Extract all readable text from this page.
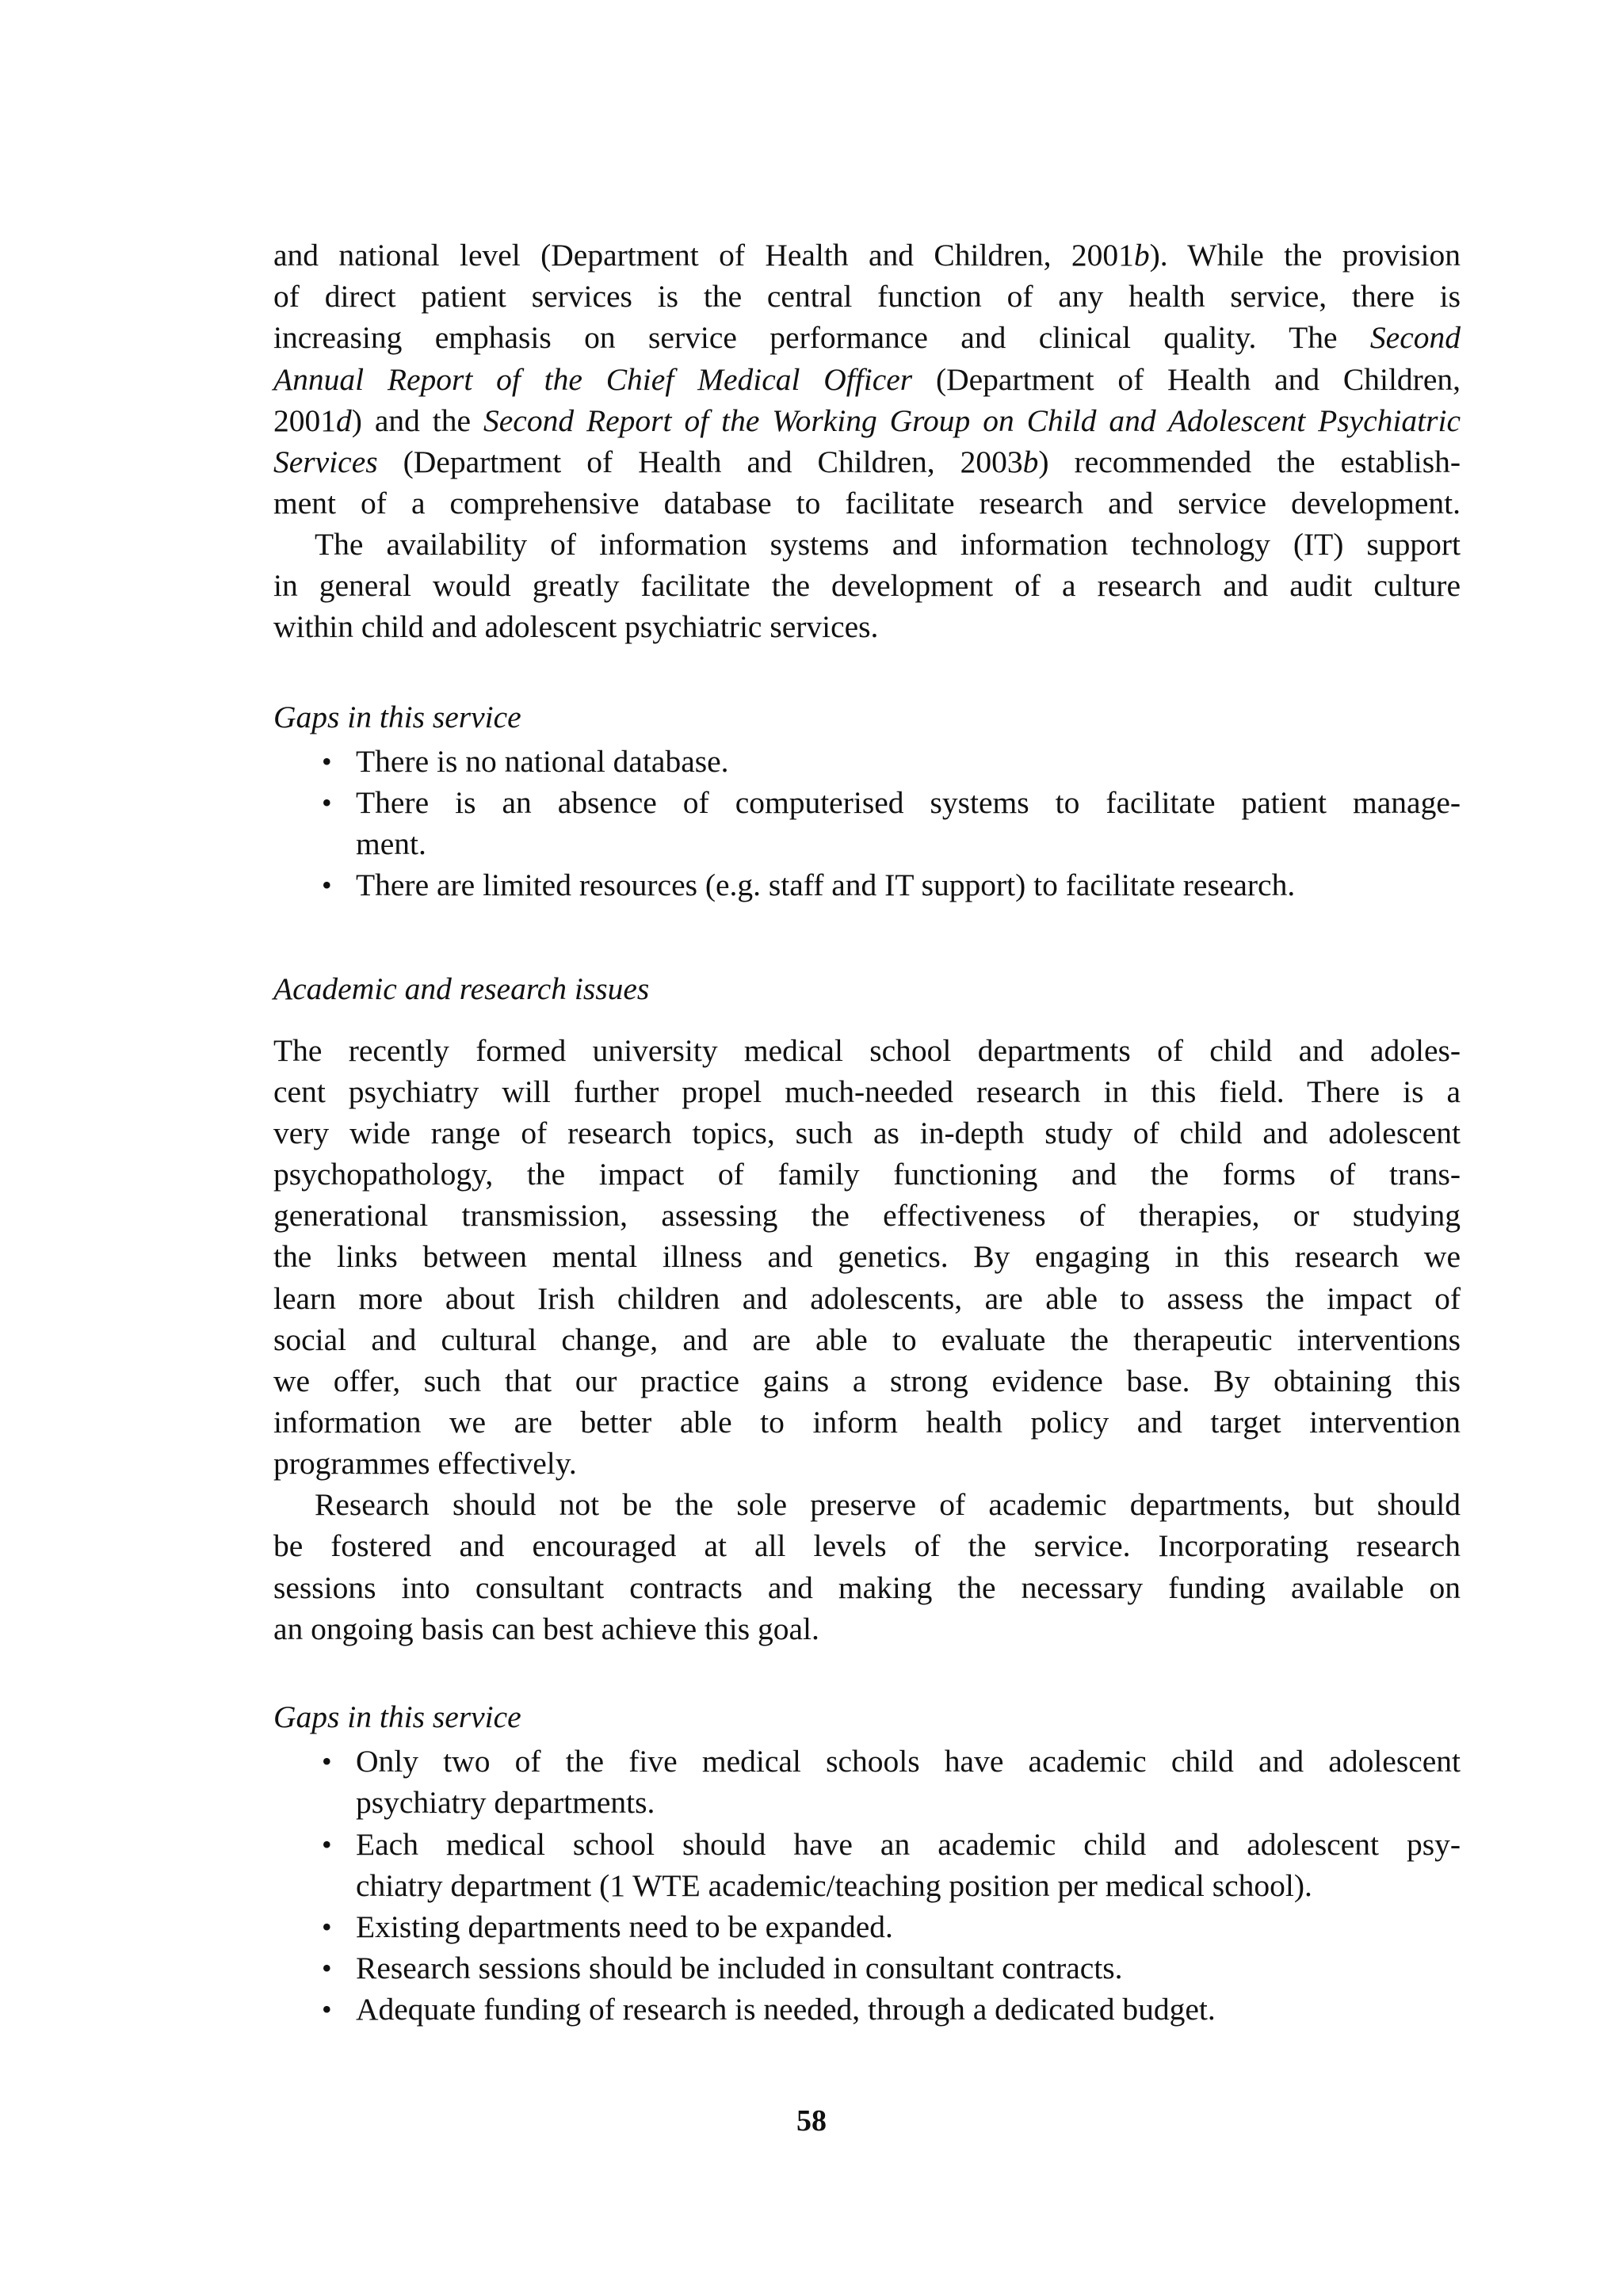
and national level (Department of Health and Children, 2001b). While the provision
of direct patient services is the central function of any health service, there is
increasing emphasis on service performance and clinical quality. The Second
Annual Report of the Chief Medical Officer (Department of Health and Children,
2001d) and the Second Report of the Working Group on Child and Adolescent Psychiatric
Services (Department of Health and Children, 2003b) recommended the establish-
ment of a comprehensive database to facilitate research and service development.
The availability of information systems and information technology (IT) support
in general would greatly facilitate the development of a research and audit culture
within child and adolescent psychiatric services.
Gaps in this service
• There is no national database.
• There is an absence of computerised systems to facilitate patient manage-
ment.
• There are limited resources (e.g. staff and IT support) to facilitate research.
Academic and research issues
The recently formed university medical school departments of child and adoles-
cent psychiatry will further propel much-needed research in this field. There is a
very wide range of research topics, such as in-depth study of child and adolescent
psychopathology, the impact of family functioning and the forms of trans-
generational transmission, assessing the effectiveness of therapies, or studying
the links between mental illness and genetics. By engaging in this research we
learn more about Irish children and adolescents, are able to assess the impact of
social and cultural change, and are able to evaluate the therapeutic interventions
we offer, such that our practice gains a strong evidence base. By obtaining this
information we are better able to inform health policy and target intervention
programmes effectively.
Research should not be the sole preserve of academic departments, but should
be fostered and encouraged at all levels of the service. Incorporating research
sessions into consultant contracts and making the necessary funding available on
an ongoing basis can best achieve this goal.
Gaps in this service
• Only two of the five medical schools have academic child and adolescent
psychiatry departments.
• Each medical school should have an academic child and adolescent psy-
chiatry department (1 WTE academic/teaching position per medical school).
• Existing departments need to be expanded.
• Research sessions should be included in consultant contracts.
• Adequate funding of research is needed, through a dedicated budget.
58
